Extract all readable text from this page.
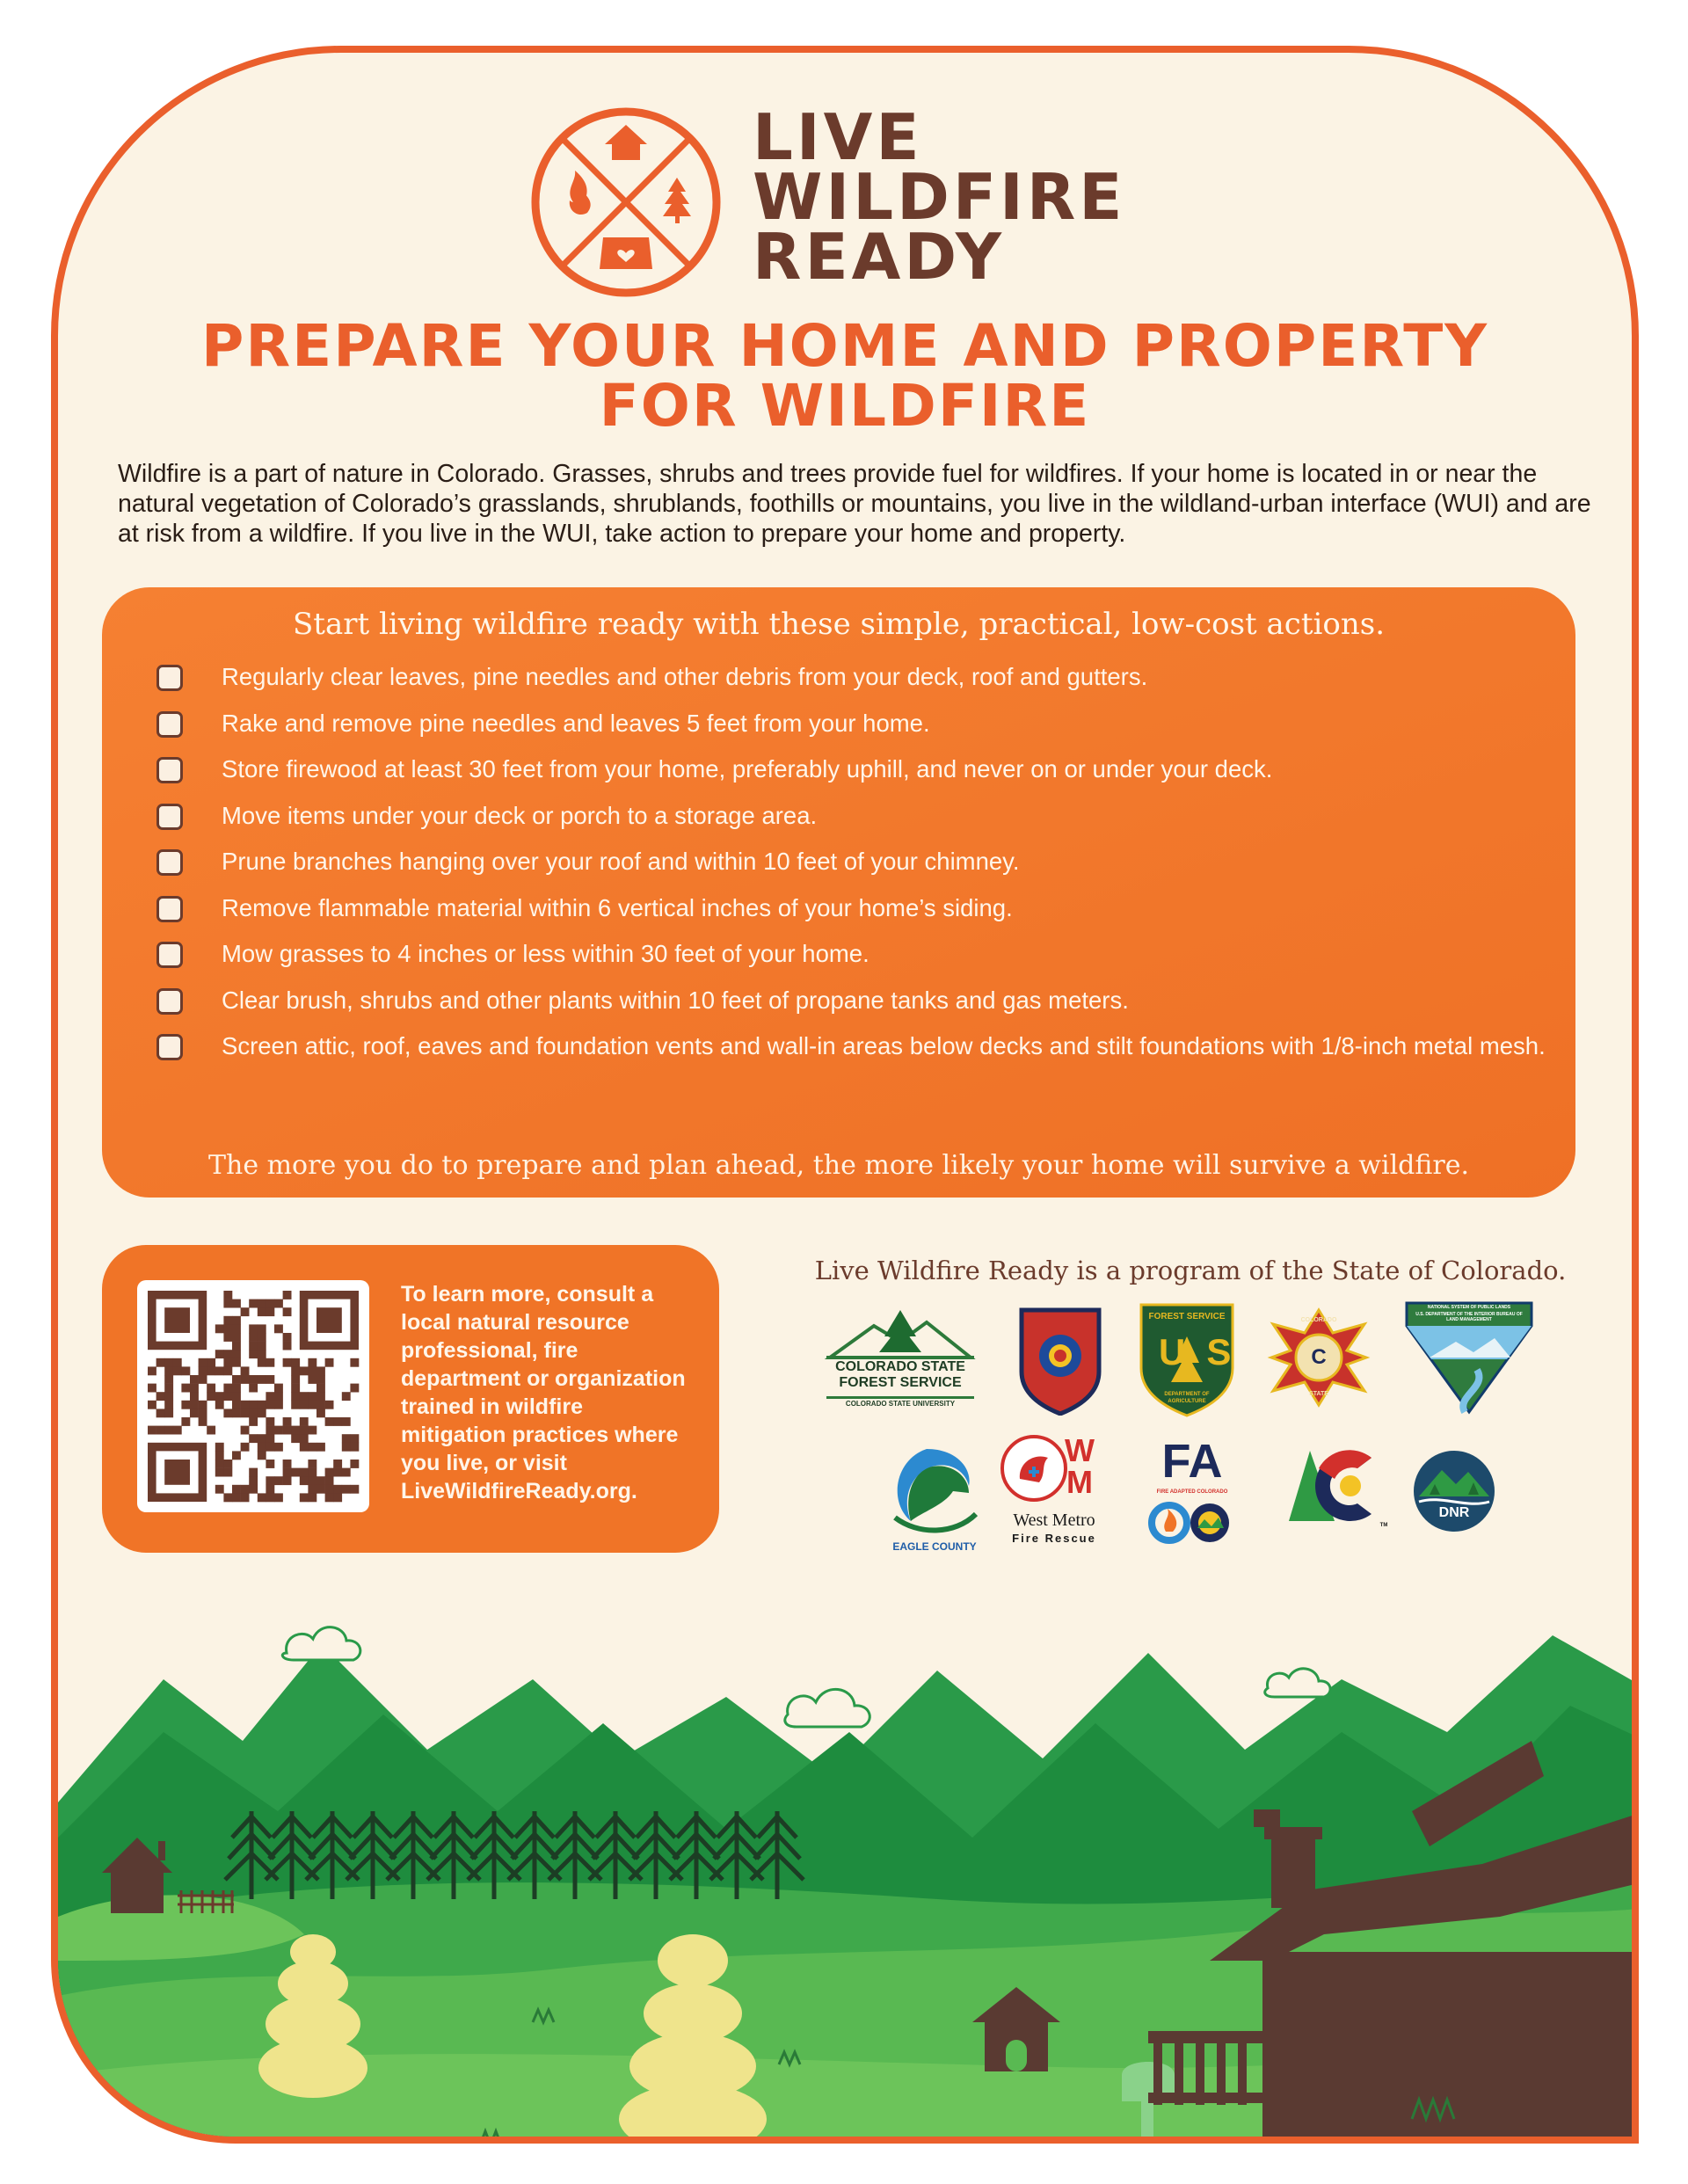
LIVE
WILDFIRE
READY
PREPARE YOUR HOME AND PROPERTY
FOR WILDFIRE
Wildfire is a part of nature in Colorado. Grasses, shrubs and trees provide fuel for wildfires. If your home is located in or near the natural vegetation of Colorado’s grasslands, shrublands, foothills or mountains, you live in the wildland-urban interface (WUI) and are at risk from a wildfire. If you live in the WUI, take action to prepare your home and property.
Start living wildfire ready with these simple, practical, low-cost actions.
Regularly clear leaves, pine needles and other debris from your deck, roof and gutters.
Rake and remove pine needles and leaves 5 feet from your home.
Store firewood at least 30 feet from your home, preferably uphill, and never on or under your deck.
Move items under your deck or porch to a storage area.
Prune branches hanging over your roof and within 10 feet of your chimney.
Remove flammable material within 6 vertical inches of your home’s siding.
Mow grasses to 4 inches or less within 30 feet of your home.
Clear brush, shrubs and other plants within 10 feet of propane tanks and gas meters.
Screen attic, roof, eaves and foundation vents and wall-in areas below decks and stilt foundations with 1/8-inch metal mesh.
The more you do to prepare and plan ahead, the more likely your home will survive a wildfire.
To learn more, consult a local natural resource professional, fire department or organization trained in wildfire mitigation practices where you live, or visit LiveWildfireReady.org.
Live Wildfire Ready is a program of the State of Colorado.
COLORADO STATE
FOREST SERVICE
COLORADO STATE UNIVERSITY
FOREST SERVICE
US
DEPARTMENT OF AGRICULTURE
COLORADO
C
STATE
NATIONAL SYSTEM OF PUBLIC LANDS
U.S. DEPARTMENT OF THE INTERIOR BUREAU OF LAND MANAGEMENT
EAGLE COUNTY
WM
West Metro
Fire Rescue
FA
FIRE ADAPTED COLORADO
TM
DNR
